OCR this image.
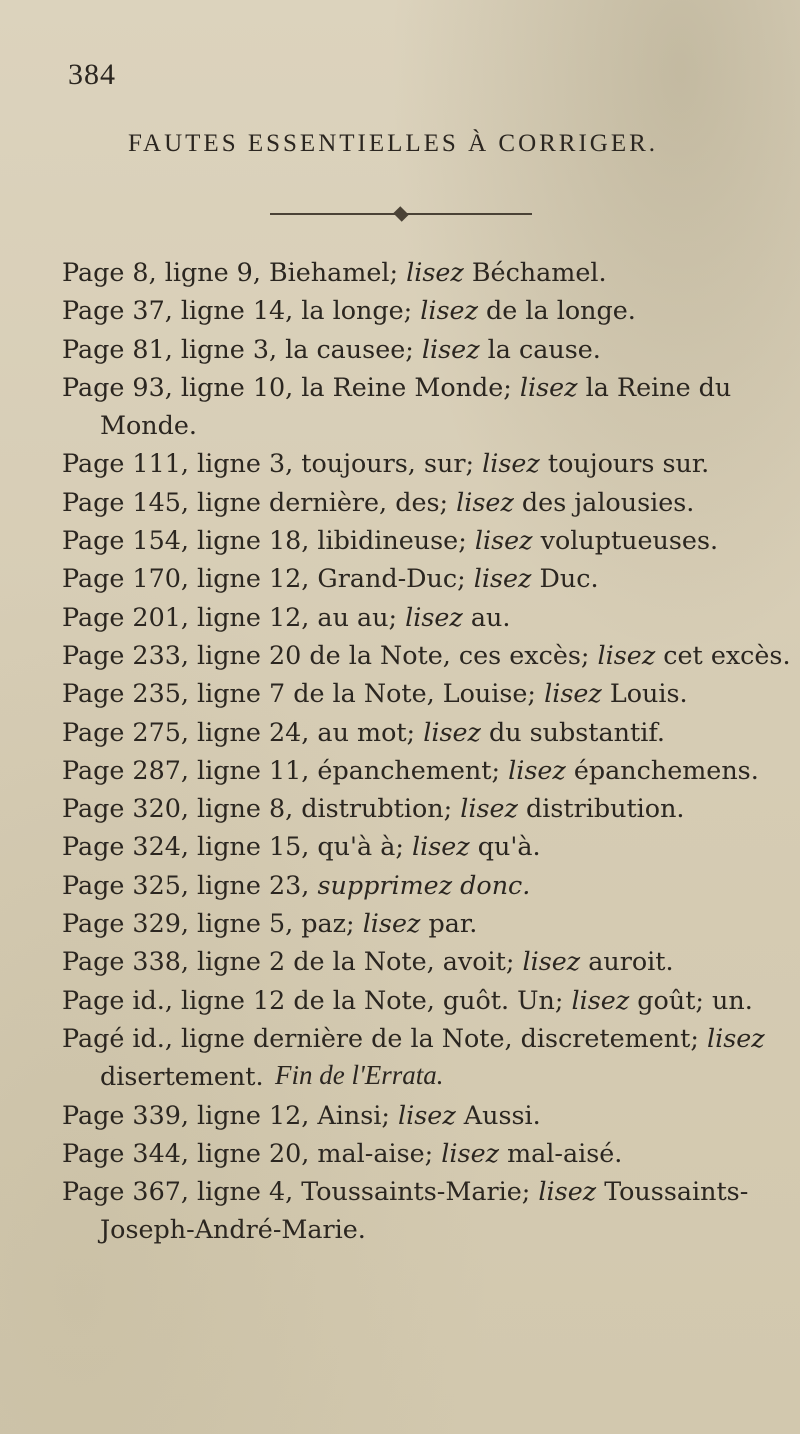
384
FAUTES ESSENTIELLES À CORRIGER.
Page 8, ligne 9, Biehamel; lisez Béchamel.
Page 37, ligne 14, la longe; lisez de la longe.
Page 81, ligne 3, la causee; lisez la cause.
Page 93, ligne 10, la Reine Monde; lisez la Reine du
Monde.
Page 111, ligne 3, toujours, sur; lisez toujours sur.
Page 145, ligne dernière, des; lisez des jalousies.
Page 154, ligne 18, libidineuse; lisez voluptueuses.
Page 170, ligne 12, Grand-Duc; lisez Duc.
Page 201, ligne 12, au au; lisez au.
Page 233, ligne 20 de la Note, ces excès; lisez cet excès.
Page 235, ligne 7 de la Note, Louise; lisez Louis.
Page 275, ligne 24, au mot; lisez du substantif.
Page 287, ligne 11, épanchement; lisez épanchemens.
Page 320, ligne 8, distrubtion; lisez distribution.
Page 324, ligne 15, qu'à à; lisez qu'à.
Page 325, ligne 23, supprimez donc.
Page 329, ligne 5, paz; lisez par.
Page 338, ligne 2 de la Note, avoit; lisez auroit.
Page id., ligne 12 de la Note, guôt. Un; lisez goût; un.
Pagé id., ligne dernière de la Note, discretement; lisez
disertement.
Page 339, ligne 12, Ainsi; lisez Aussi.
Page 344, ligne 20, mal-aise; lisez mal-aisé.
Page 367, ligne 4, Toussaints-Marie; lisez Toussaints-
Joseph-André-Marie.
Fin de l'Errata.
